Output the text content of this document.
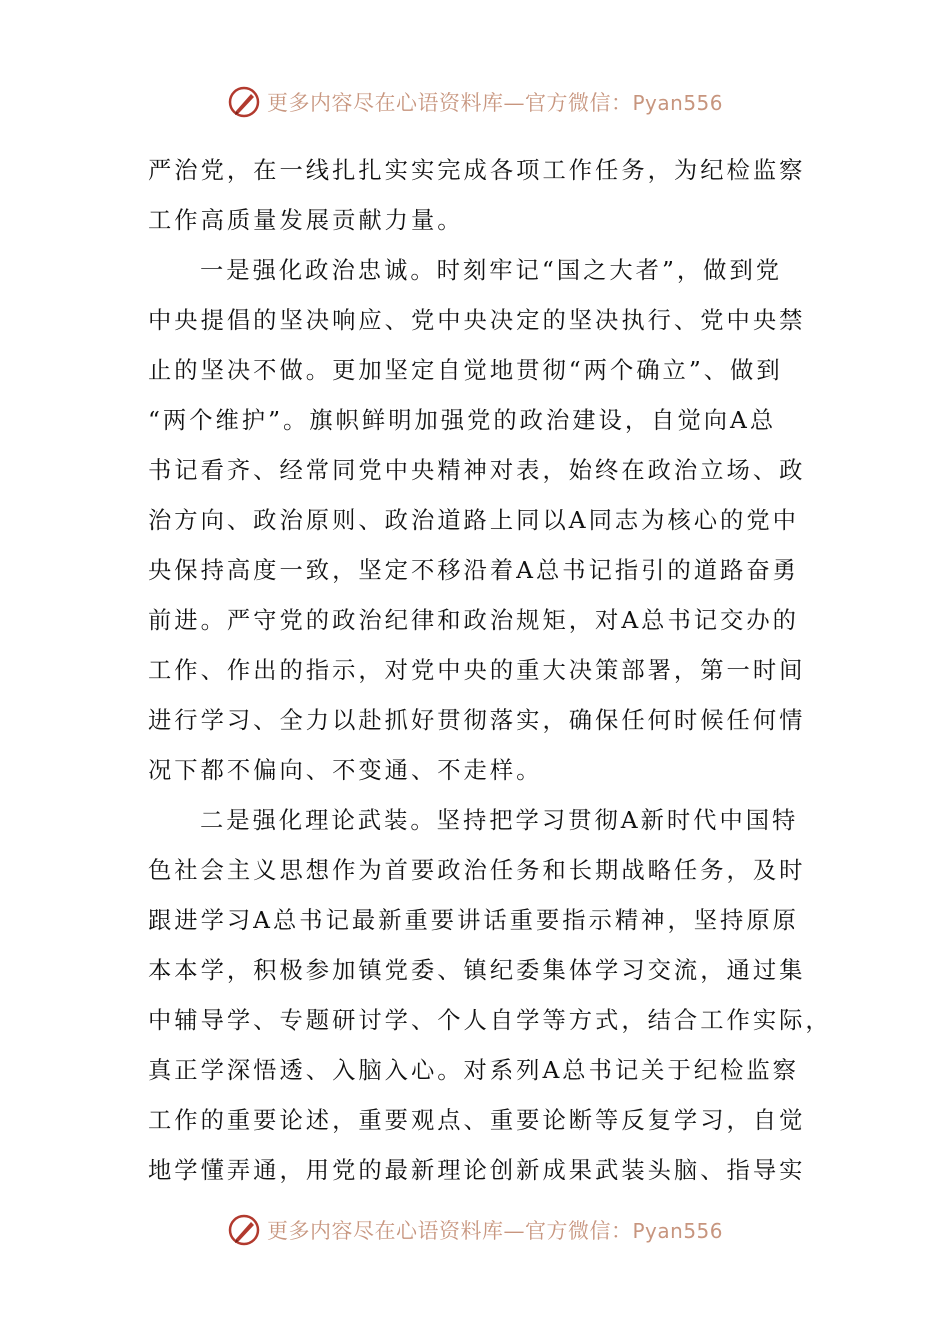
更多内容尽在心语资料库—官方微信：Pyan556
严治党，在一线扎扎实实完成各项工作任务，为纪检监察
工作高质量发展贡献力量。
一是强化政治忠诚。时刻牢记“国之大者”，做到党
中央提倡的坚决响应、党中央决定的坚决执行、党中央禁
止的坚决不做。更加坚定自觉地贯彻“两个确立”、做到
“两个维护”。旗帜鲜明加强党的政治建设，自觉向A总
书记看齐、经常同党中央精神对表，始终在政治立场、政
治方向、政治原则、政治道路上同以A同志为核心的党中
央保持高度一致，坚定不移沿着A总书记指引的道路奋勇
前进。严守党的政治纪律和政治规矩，对A总书记交办的
工作、作出的指示，对党中央的重大决策部署，第一时间
进行学习、全力以赴抓好贯彻落实，确保任何时候任何情
况下都不偏向、不变通、不走样。
二是强化理论武装。坚持把学习贯彻A新时代中国特
色社会主义思想作为首要政治任务和长期战略任务，及时
跟进学习A总书记最新重要讲话重要指示精神，坚持原原
本本学，积极参加镇党委、镇纪委集体学习交流，通过集
中辅导学、专题研讨学、个人自学等方式，结合工作实际，
真正学深悟透、入脑入心。对系列A总书记关于纪检监察
工作的重要论述，重要观点、重要论断等反复学习，自觉
地学懂弄通，用党的最新理论创新成果武装头脑、指导实
更多内容尽在心语资料库—官方微信：Pyan556
